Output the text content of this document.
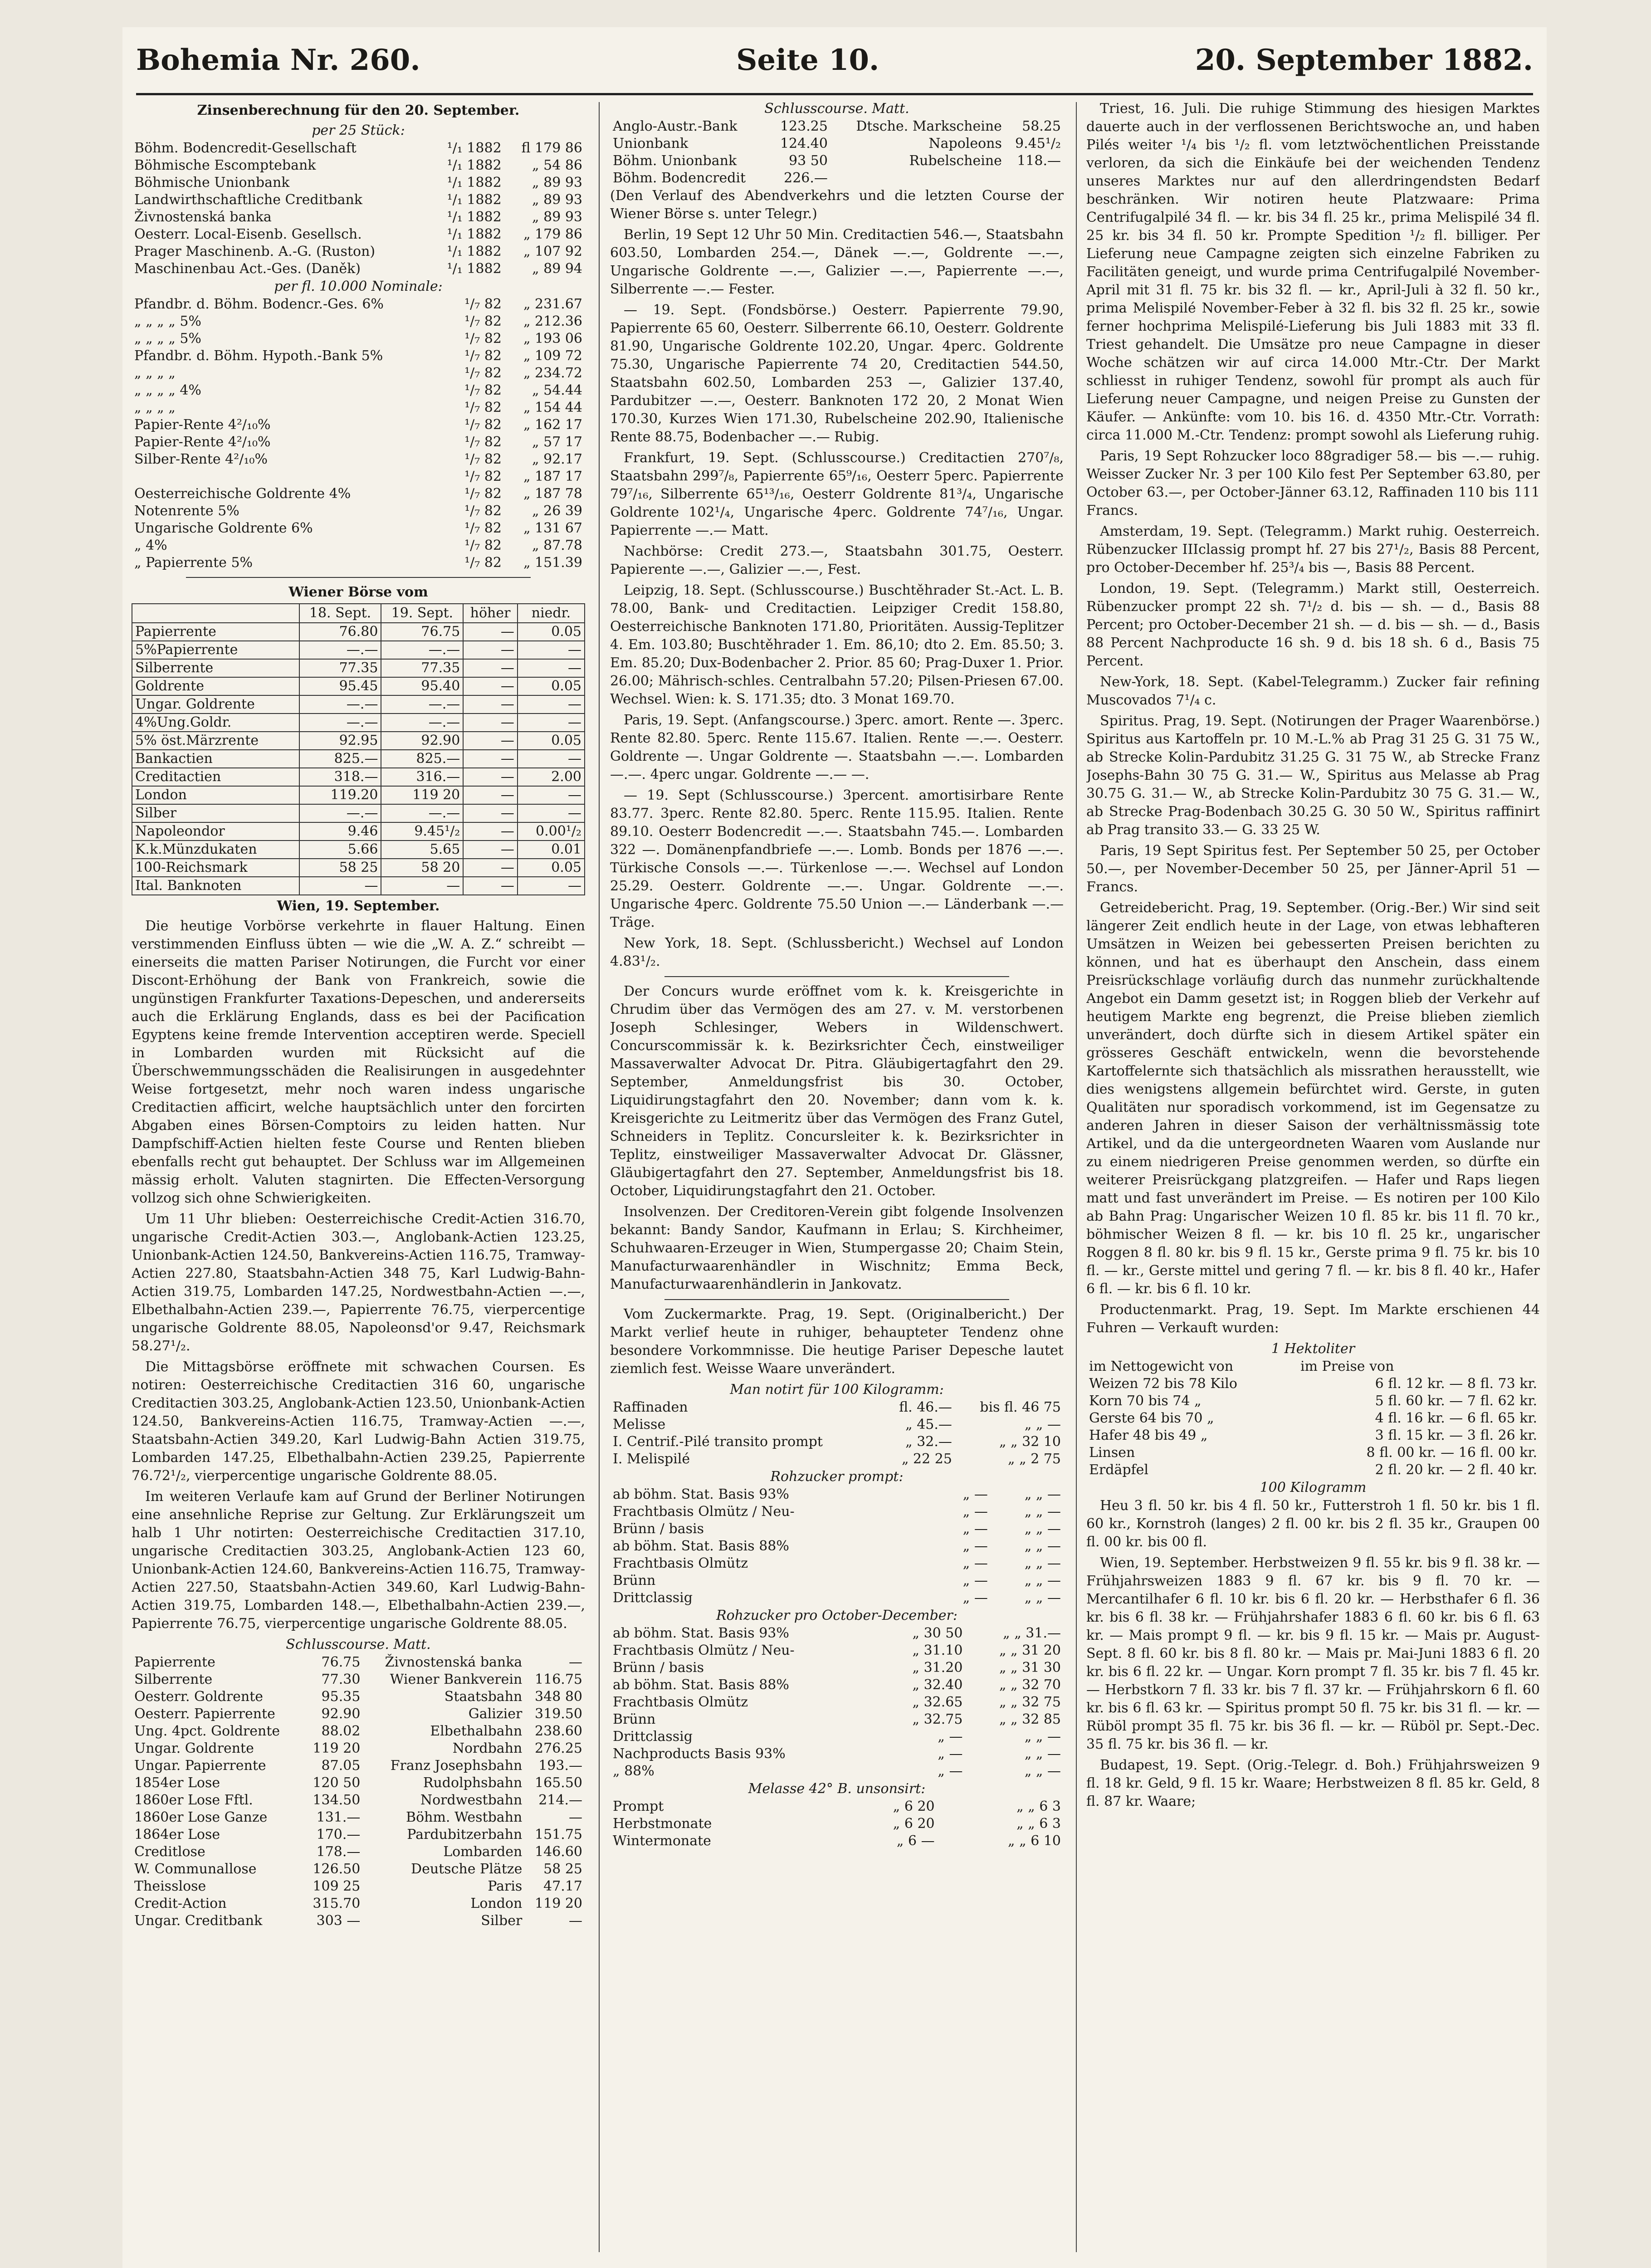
Bohemia Nr. 260.	Seite 10.	20. September 1882.
Zinsenberechnung für den 20. September.
per 25 Stück:
Böhm. Bodencredit-Gesellschaft	¹/₁ 1882	fl 179 86
Böhmische Escomptebank	¹/₁ 1882	„ 54 86
Böhmische Unionbank	¹/₁ 1882	„ 89 93
Landwirthschaftliche Creditbank	¹/₁ 1882	„ 89 93
Živnostenská banka	¹/₁ 1882	„ 89 93
Oesterr. Local-Eisenb. Gesellsch.	¹/₁ 1882	„ 179 86
Prager Maschinenb. A.-G. (Ruston)	¹/₁ 1882	„ 107 92
Maschinenbau Act.-Ges. (Daněk)	¹/₁ 1882	„ 89 94
per fl. 10.000 Nominale:
Pfandbr. d. Böhm. Bodencr.-Ges. 6%	¹/₇ 82	„ 231.67
„ „ „ „ 5%	¹/₇ 82	„ 212.36
„ „ „ „ 5%	¹/₇ 82	„ 193 06
Pfandbr. d. Böhm. Hypoth.-Bank 5%	¹/₇ 82	„ 109 72
„ „ „ „	¹/₇ 82	„ 234.72
„ „ „ „ 4%	¹/₇ 82	„ 54.44
„ „ „ „	¹/₇ 82	„ 154 44
Papier-Rente 4²/₁₀%	¹/₇ 82	„ 162 17
Papier-Rente 4²/₁₀%	¹/₇ 82	„ 57 17
Silber-Rente 4²/₁₀%	¹/₇ 82	„ 92.17
	¹/₇ 82	„ 187 17
Oesterreichische Goldrente 4%	¹/₇ 82	„ 187 78
Notenrente 5%	¹/₇ 82	„ 26 39
Ungarische Goldrente 6%	¹/₇ 82	„ 131 67
„ 4%	¹/₇ 82	„ 87.78
„ Papierrente 5%	¹/₇ 82	„ 151.39
Wiener Börse vom
	18. Sept.	19. Sept.	höher	niedr.
Papierrente	76.80	76.75	—	0.05
5%Papierrente	—.—	—.—	—	—
Silberrente	77.35	77.35	—	—
Goldrente	95.45	95.40	—	0.05
Ungar. Goldrente	—.—	—.—	—	—
4%Ung.Goldr.	—.—	—.—	—	—
5% öst.Märzrente	92.95	92.90	—	0.05
Bankactien	825.—	825.—	—	—
Creditactien	318.—	316.—	—	2.00
London	119.20	119 20	—	—
Silber	—.—	—.—	—	—
Napoleondor	9.46	9.45¹/₂	—	0.00¹/₂
K.k.Münzdukaten	5.66	5.65	—	0.01
100-Reichsmark	58 25	58 20	—	0.05
Ital. Banknoten	—	—	—	—
Wien, 19. September.

Die heutige Vorbörse verkehrte in flauer Haltung. Einen verstimmenden Einfluss übten — wie die „W. A. Z.“ schreibt — einerseits die matten Pariser Notirungen, die Furcht vor einer Discont-Erhöhung der Bank von Frankreich, sowie die ungünstigen Frankfurter Taxations-Depeschen, und andererseits auch die Erklärung Englands, dass es bei der Pacification Egyptens keine fremde Intervention acceptiren werde. Speciell in Lombarden wurden mit Rücksicht auf die Überschwemmungsschäden die Realisirungen in ausgedehnter Weise fortgesetzt, mehr noch waren indess ungarische Creditactien afficirt, welche hauptsächlich unter den forcirten Abgaben eines Börsen-Comptoirs zu leiden hatten. Nur Dampfschiff-Actien hielten feste Course und Renten blieben ebenfalls recht gut behauptet. Der Schluss war im Allgemeinen mässig erholt. Valuten stagnirten. Die Effecten-Versorgung vollzog sich ohne Schwierigkeiten.

Um 11 Uhr blieben: Oesterreichische Credit-Actien 316.70, ungarische Credit-Actien 303.—, Anglobank-Actien 123.25, Unionbank-Actien 124.50, Bankvereins-Actien 116.75, Tramway-Actien 227.80, Staatsbahn-Actien 348 75, Karl Ludwig-Bahn-Actien 319.75, Lombarden 147.25, Nordwestbahn-Actien —.—, Elbethalbahn-Actien 239.—, Papierrente 76.75, vierpercentige ungarische Goldrente 88.05, Napoleonsd'or 9.47, Reichsmark 58.27¹/₂.

Die Mittagsbörse eröffnete mit schwachen Coursen. Es notiren: Oesterreichische Creditactien 316 60, ungarische Creditactien 303.25, Anglobank-Actien 123.50, Unionbank-Actien 124.50, Bankvereins-Actien 116.75, Tramway-Actien —.—, Staatsbahn-Actien 349.20, Karl Ludwig-Bahn Actien 319.75, Lombarden 147.25, Elbethalbahn-Actien 239.25, Papierrente 76.72¹/₂, vierpercentige ungarische Goldrente 88.05.

Im weiteren Verlaufe kam auf Grund der Berliner Notirungen eine ansehnliche Reprise zur Geltung. Zur Erklärungszeit um halb 1 Uhr notirten: Oesterreichische Creditactien 317.10, ungarische Creditactien 303.25, Anglobank-Actien 123 60, Unionbank-Actien 124.60, Bankvereins-Actien 116.75, Tramway-Actien 227.50, Staatsbahn-Actien 349.60, Karl Ludwig-Bahn-Actien 319.75, Lombarden 148.—, Elbethalbahn-Actien 239.—, Papierrente 76.75, vierpercentige ungarische Goldrente 88.05.

Schlusscourse. Matt.
Papierrente	76.75	Živnostenská banka	—
Silberrente	77.30	Wiener Bankverein	116.75
Oesterr. Goldrente	95.35	Staatsbahn	348 80
Oesterr. Papierrente	92.90	Galizier	319.50
Ung. 4pct. Goldrente	88.02	Elbethalbahn	238.60
Ungar. Goldrente	119 20	Nordbahn	276.25
Ungar. Papierrente	87.05	Franz Josephsbahn	193.—
1854er Lose	120 50	Rudolphsbahn	165.50
1860er Lose Fftl.	134.50	Nordwestbahn	214.—
1860er Lose Ganze	131.—	Böhm. Westbahn	—
1864er Lose	170.—	Pardubitzerbahn	151.75
Creditlose	178.—	Lombarden	146.60
W. Communallose	126.50	Deutsche Plätze	58 25
Theisslose	109 25	Paris	47.17
Credit-Action	315.70	London	119 20
Ungar. Creditbank	303 —	Silber	—
Schlusscourse. Matt.
Anglo-Austr.-Bank	123.25	Dtsche. Markscheine	58.25
Unionbank	124.40	Napoleons	9.45¹/₂
Böhm. Unionbank	93 50	Rubelscheine	118.—
Böhm. Bodencredit	226.—		

(Den Verlauf des Abendverkehrs und die letzten Course der Wiener Börse s. unter Telegr.)

Berlin, 19 Sept 12 Uhr 50 Min. Creditactien 546.—, Staatsbahn 603.50, Lombarden 254.—, Dänek —.—, Goldrente —.—, Ungarische Goldrente —.—, Galizier —.—, Papierrente —.—, Silberrente —.— Fester.

— 19. Sept. (Fondsbörse.) Oesterr. Papierrente 79.90, Papierrente 65 60, Oesterr. Silberrente 66.10, Oesterr. Goldrente 81.90, Ungarische Goldrente 102.20, Ungar. 4perc. Goldrente 75.30, Ungarische Papierrente 74 20, Creditactien 544.50, Staatsbahn 602.50, Lombarden 253 —, Galizier 137.40, Pardubitzer —.—, Oesterr. Banknoten 172 20, 2 Monat Wien 170.30, Kurzes Wien 171.30, Rubelscheine 202.90, Italienische Rente 88.75, Bodenbacher —.— Rubig.

Frankfurt, 19. Sept. (Schlusscourse.) Creditactien 270⁷/₈, Staatsbahn 299⁷/₈, Papierrente 65⁹/₁₆, Oesterr 5perc. Papierrente 79⁷/₁₆, Silberrente 65¹³/₁₆, Oesterr Goldrente 81³/₄, Ungarische Goldrente 102¹/₄, Ungarische 4perc. Goldrente 74⁷/₁₆, Ungar. Papierrente —.— Matt.

Nachbörse: Credit 273.—, Staatsbahn 301.75, Oesterr. Papierente —.—, Galizier —.—, Fest.

Leipzig, 18. Sept. (Schlusscourse.) Buschtěhrader St.-Act. L. B. 78.00, Bank- und Creditactien. Leipziger Credit 158.80, Oesterreichische Banknoten 171.80, Prioritäten. Aussig-Teplitzer 4. Em. 103.80; Buschtěhrader 1. Em. 86,10; dto 2. Em. 85.50; 3. Em. 85.20; Dux-Bodenbacher 2. Prior. 85 60; Prag-Duxer 1. Prior. 26.00; Mährisch-schles. Centralbahn 57.20; Pilsen-Priesen 67.00. Wechsel. Wien: k. S. 171.35; dto. 3 Monat 169.70.

Paris, 19. Sept. (Anfangscourse.) 3perc. amort. Rente —. 3perc. Rente 82.80. 5perc. Rente 115.67. Italien. Rente —.—. Oesterr. Goldrente —. Ungar Goldrente —. Staatsbahn —.—. Lombarden —.—. 4perc ungar. Goldrente —.— —.

— 19. Sept (Schlusscourse.) 3percent. amortisirbare Rente 83.77. 3perc. Rente 82.80. 5perc. Rente 115.95. Italien. Rente 89.10. Oesterr Bodencredit —.—. Staatsbahn 745.—. Lombarden 322 —. Domänenpfandbriefe —.—. Lomb. Bonds per 1876 —.—. Türkische Consols —.—. Türkenlose —.—. Wechsel auf London 25.29. Oesterr. Goldrente —.—. Ungar. Goldrente —.—. Ungarische 4perc. Goldrente 75.50 Union —.— Länderbank —.— Träge.

New York, 18. Sept. (Schlussbericht.) Wechsel auf London 4.83¹/₂.

Der Concurs wurde eröffnet vom k. k. Kreisgerichte in Chrudim über das Vermögen des am 27. v. M. verstorbenen Joseph Schlesinger, Webers in Wildenschwert. Concurscommissär k. k. Bezirksrichter Čech, einstweiliger Massaverwalter Advocat Dr. Pitra. Gläubigertagfahrt den 29. September, Anmeldungsfrist bis 30. October, Liquidirungstagfahrt den 20. November; dann vom k. k. Kreisgerichte zu Leitmeritz über das Vermögen des Franz Gutel, Schneiders in Teplitz. Concursleiter k. k. Bezirksrichter in Teplitz, einstweiliger Massaverwalter Advocat Dr. Glässner, Gläubigertagfahrt den 27. September, Anmeldungsfrist bis 18. October, Liquidirungstagfahrt den 21. October.

Insolvenzen. Der Creditoren-Verein gibt folgende Insolvenzen bekannt: Bandy Sandor, Kaufmann in Erlau; S. Kirchheimer, Schuhwaaren-Erzeuger in Wien, Stumpergasse 20; Chaim Stein, Manufacturwaarenhändler in Wischnitz; Emma Beck, Manufacturwaarenhändlerin in Jankovatz.

Vom Zuckermarkte. Prag, 19. Sept. (Originalbericht.) Der Markt verlief heute in ruhiger, behaupteter Tendenz ohne besondere Vorkommnisse. Die heutige Pariser Depesche lautet ziemlich fest. Weisse Waare unverändert.

Man notirt für 100 Kilogramm:
Raffinaden	fl. 46.—	bis fl. 46 75
Melisse	„ 45.—	„ „ —
I. Centrif.-Pilé transito prompt	„ 32.—	„ „ 32 10
I. Melispilé	„ 22 25	„ „ 2 75
Rohzucker prompt:
ab böhm. Stat. Basis 93%	„ —	„ „ —
Frachtbasis Olmütz / Neu-	„ —	„ „ —
Brünn / basis	„ —	„ „ —
ab böhm. Stat. Basis 88%	„ —	„ „ —
Frachtbasis Olmütz	„ —	„ „ —
Brünn	„ —	„ „ —
Drittclassig	„ —	„ „ —
Rohzucker pro October-December:
ab böhm. Stat. Basis 93%	„ 30 50	„ „ 31.—
Frachtbasis Olmütz / Neu-	„ 31.10	„ „ 31 20
Brünn / basis	„ 31.20	„ „ 31 30
ab böhm. Stat. Basis 88%	„ 32.40	„ „ 32 70
Frachtbasis Olmütz	„ 32.65	„ „ 32 75
Brünn	„ 32.75	„ „ 32 85
Drittclassig	„ —	„ „ —
Nachproducts Basis 93%	„ —	„ „ —
„ 88%	„ —	„ „ —
Melasse 42° B. unsonsirt:
Prompt	„ 6 20	„ „ 6 3
Herbstmonate	„ 6 20	„ „ 6 3
Wintermonate	„ 6 —	„ „ 6 10

Triest, 16. Juli. Die ruhige Stimmung des hiesigen Marktes dauerte auch in der verflossenen Berichtswoche an, und haben Pilés weiter ¹/₄ bis ¹/₂ fl. vom letztwöchentlichen Preisstande verloren, da sich die Einkäufe bei der weichenden Tendenz unseres Marktes nur auf den allerdringendsten Bedarf beschränken. Wir notiren heute Platzwaare: Prima Centrifugalpilé 34 fl. — kr. bis 34 fl. 25 kr., prima Melispilé 34 fl. 25 kr. bis 34 fl. 50 kr. Prompte Spedition ¹/₂ fl. billiger. Per Lieferung neue Campagne zeigten sich einzelne Fabriken zu Facilitäten geneigt, und wurde prima Centrifugalpilé November-April mit 31 fl. 75 kr. bis 32 fl. — kr., April-Juli à 32 fl. 50 kr., prima Melispilé November-Feber à 32 fl. bis 32 fl. 25 kr., sowie ferner hochprima Melispilé-Lieferung bis Juli 1883 mit 33 fl. Triest gehandelt. Die Umsätze pro neue Campagne in dieser Woche schätzen wir auf circa 14.000 Mtr.-Ctr. Der Markt schliesst in ruhiger Tendenz, sowohl für prompt als auch für Lieferung neuer Campagne, und neigen Preise zu Gunsten der Käufer. — Ankünfte: vom 10. bis 16. d. 4350 Mtr.-Ctr. Vorrath: circa 11.000 M.-Ctr. Tendenz: prompt sowohl als Lieferung ruhig.

Paris, 19 Sept Rohzucker loco 88gradiger 58.— bis —.— ruhig. Weisser Zucker Nr. 3 per 100 Kilo fest Per September 63.80, per October 63.—, per October-Jänner 63.12, Raffinaden 110 bis 111 Francs.

Amsterdam, 19. Sept. (Telegramm.) Markt ruhig. Oesterreich. Rübenzucker IIIclassig prompt hf. 27 bis 27¹/₂, Basis 88 Percent, pro October-December hf. 25³/₄ bis —, Basis 88 Percent.

London, 19. Sept. (Telegramm.) Markt still, Oesterreich. Rübenzucker prompt 22 sh. 7¹/₂ d. bis — sh. — d., Basis 88 Percent; pro October-December 21 sh. — d. bis — sh. — d., Basis 88 Percent Nachproducte 16 sh. 9 d. bis 18 sh. 6 d., Basis 75 Percent.

New-York, 18. Sept. (Kabel-Telegramm.) Zucker fair refining Muscovados 7¹/₄ c.

Spiritus. Prag, 19. Sept. (Notirungen der Prager Waarenbörse.) Spiritus aus Kartoffeln pr. 10 M.-L.% ab Prag 31 25 G. 31 75 W., ab Strecke Kolin-Pardubitz 31.25 G. 31 75 W., ab Strecke Franz Josephs-Bahn 30 75 G. 31.— W., Spiritus aus Melasse ab Prag 30.75 G. 31.— W., ab Strecke Kolin-Pardubitz 30 75 G. 31.— W., ab Strecke Prag-Bodenbach 30.25 G. 30 50 W., Spiritus raffinirt ab Prag transito 33.— G. 33 25 W.

Paris, 19 Sept Spiritus fest. Per September 50 25, per October 50.—, per November-December 50 25, per Jänner-April 51 — Francs.

Getreidebericht. Prag, 19. September. (Orig.-Ber.) Wir sind seit längerer Zeit endlich heute in der Lage, von etwas lebhafteren Umsätzen in Weizen bei gebesserten Preisen berichten zu können, und hat es überhaupt den Anschein, dass einem Preisrückschlage vorläufig durch das nunmehr zurückhaltende Angebot ein Damm gesetzt ist; in Roggen blieb der Verkehr auf heutigem Markte eng begrenzt, die Preise blieben ziemlich unverändert, doch dürfte sich in diesem Artikel später ein grösseres Geschäft entwickeln, wenn die bevorstehende Kartoffelernte sich thatsächlich als missrathen herausstellt, wie dies wenigstens allgemein befürchtet wird. Gerste, in guten Qualitäten nur sporadisch vorkommend, ist im Gegensatze zu anderen Jahren in dieser Saison der verhältnissmässig tote Artikel, und da die untergeordneten Waaren vom Auslande nur zu einem niedrigeren Preise genommen werden, so dürfte ein weiterer Preisrückgang platzgreifen. — Hafer und Raps liegen matt und fast unverändert im Preise. — Es notiren per 100 Kilo ab Bahn Prag: Ungarischer Weizen 10 fl. 85 kr. bis 11 fl. 70 kr., böhmischer Weizen 8 fl. — kr. bis 10 fl. 25 kr., ungarischer Roggen 8 fl. 80 kr. bis 9 fl. 15 kr., Gerste prima 9 fl. 75 kr. bis 10 fl. — kr., Gerste mittel und gering 7 fl. — kr. bis 8 fl. 40 kr., Hafer 6 fl. — kr. bis 6 fl. 10 kr.

Productenmarkt. Prag, 19. Sept. Im Markte erschienen 44 Fuhren — Verkauft wurden:

1 Hektoliter
im Nettogewicht von	im Preise von
Weizen 72 bis 78 Kilo	6 fl. 12 kr. — 8 fl. 73 kr.
Korn 70 bis 74 „	5 fl. 60 kr. — 7 fl. 62 kr.
Gerste 64 bis 70 „	4 fl. 16 kr. — 6 fl. 65 kr.
Hafer 48 bis 49 „	3 fl. 15 kr. — 3 fl. 26 kr.
Linsen	8 fl. 00 kr. — 16 fl. 00 kr.
Erdäpfel	2 fl. 20 kr. — 2 fl. 40 kr.
100 Kilogramm

Heu 3 fl. 50 kr. bis 4 fl. 50 kr., Futterstroh 1 fl. 50 kr. bis 1 fl. 60 kr., Kornstroh (langes) 2 fl. 00 kr. bis 2 fl. 35 kr., Graupen 00 fl. 00 kr. bis 00 fl.

Wien, 19. September. Herbstweizen 9 fl. 55 kr. bis 9 fl. 38 kr. — Frühjahrsweizen 1883 9 fl. 67 kr. bis 9 fl. 70 kr. — Mercantilhafer 6 fl. 10 kr. bis 6 fl. 20 kr. — Herbsthafer 6 fl. 36 kr. bis 6 fl. 38 kr. — Frühjahrshafer 1883 6 fl. 60 kr. bis 6 fl. 63 kr. — Mais prompt 9 fl. — kr. bis 9 fl. 15 kr. — Mais pr. August-Sept. 8 fl. 60 kr. bis 8 fl. 80 kr. — Mais pr. Mai-Juni 1883 6 fl. 20 kr. bis 6 fl. 22 kr. — Ungar. Korn prompt 7 fl. 35 kr. bis 7 fl. 45 kr. — Herbstkorn 7 fl. 33 kr. bis 7 fl. 37 kr. — Frühjahrskorn 6 fl. 60 kr. bis 6 fl. 63 kr. — Spiritus prompt 50 fl. 75 kr. bis 31 fl. — kr. — Rüböl prompt 35 fl. 75 kr. bis 36 fl. — kr. — Rüböl pr. Sept.-Dec. 35 fl. 75 kr. bis 36 fl. — kr.

Budapest, 19. Sept. (Orig.-Telegr. d. Boh.) Frühjahrsweizen 9 fl. 18 kr. Geld, 9 fl. 15 kr. Waare; Herbstweizen 8 fl. 85 kr. Geld, 8 fl. 87 kr. Waare;
